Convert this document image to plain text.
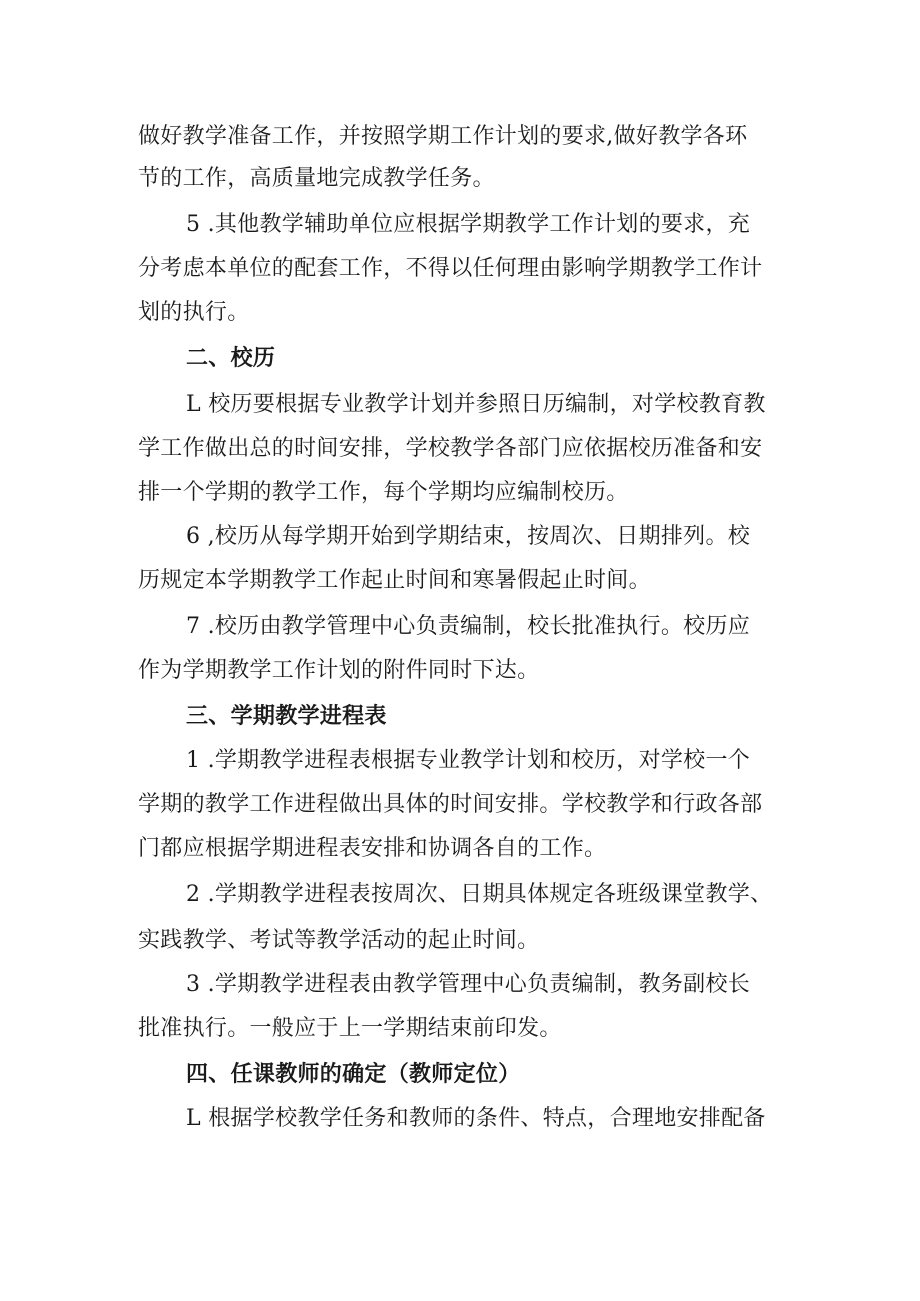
做好教学准备工作，并按照学期工作计划的要求,做好教学各环
节的工作，高质量地完成教学任务。
5 .其他教学辅助单位应根据学期教学工作计划的要求，充
分考虑本单位的配套工作，不得以任何理由影响学期教学工作计
划的执行。
二、校历
L 校历要根据专业教学计划并参照日历编制，对学校教育教
学工作做出总的时间安排，学校教学各部门应依据校历准备和安
排一个学期的教学工作，每个学期均应编制校历。
6 ,校历从每学期开始到学期结束，按周次、日期排列。校
历规定本学期教学工作起止时间和寒暑假起止时间。
7 .校历由教学管理中心负责编制，校长批准执行。校历应
作为学期教学工作计划的附件同时下达。
三、学期教学进程表
1 .学期教学进程表根据专业教学计划和校历，对学校一个
学期的教学工作进程做出具体的时间安排。学校教学和行政各部
门都应根据学期进程表安排和协调各自的工作。
2 .学期教学进程表按周次、日期具体规定各班级课堂教学、
实践教学、考试等教学活动的起止时间。
3 .学期教学进程表由教学管理中心负责编制，教务副校长
批准执行。一般应于上一学期结束前印发。
四、任课教师的确定（教师定位）
L 根据学校教学任务和教师的条件、特点，合理地安排配备
